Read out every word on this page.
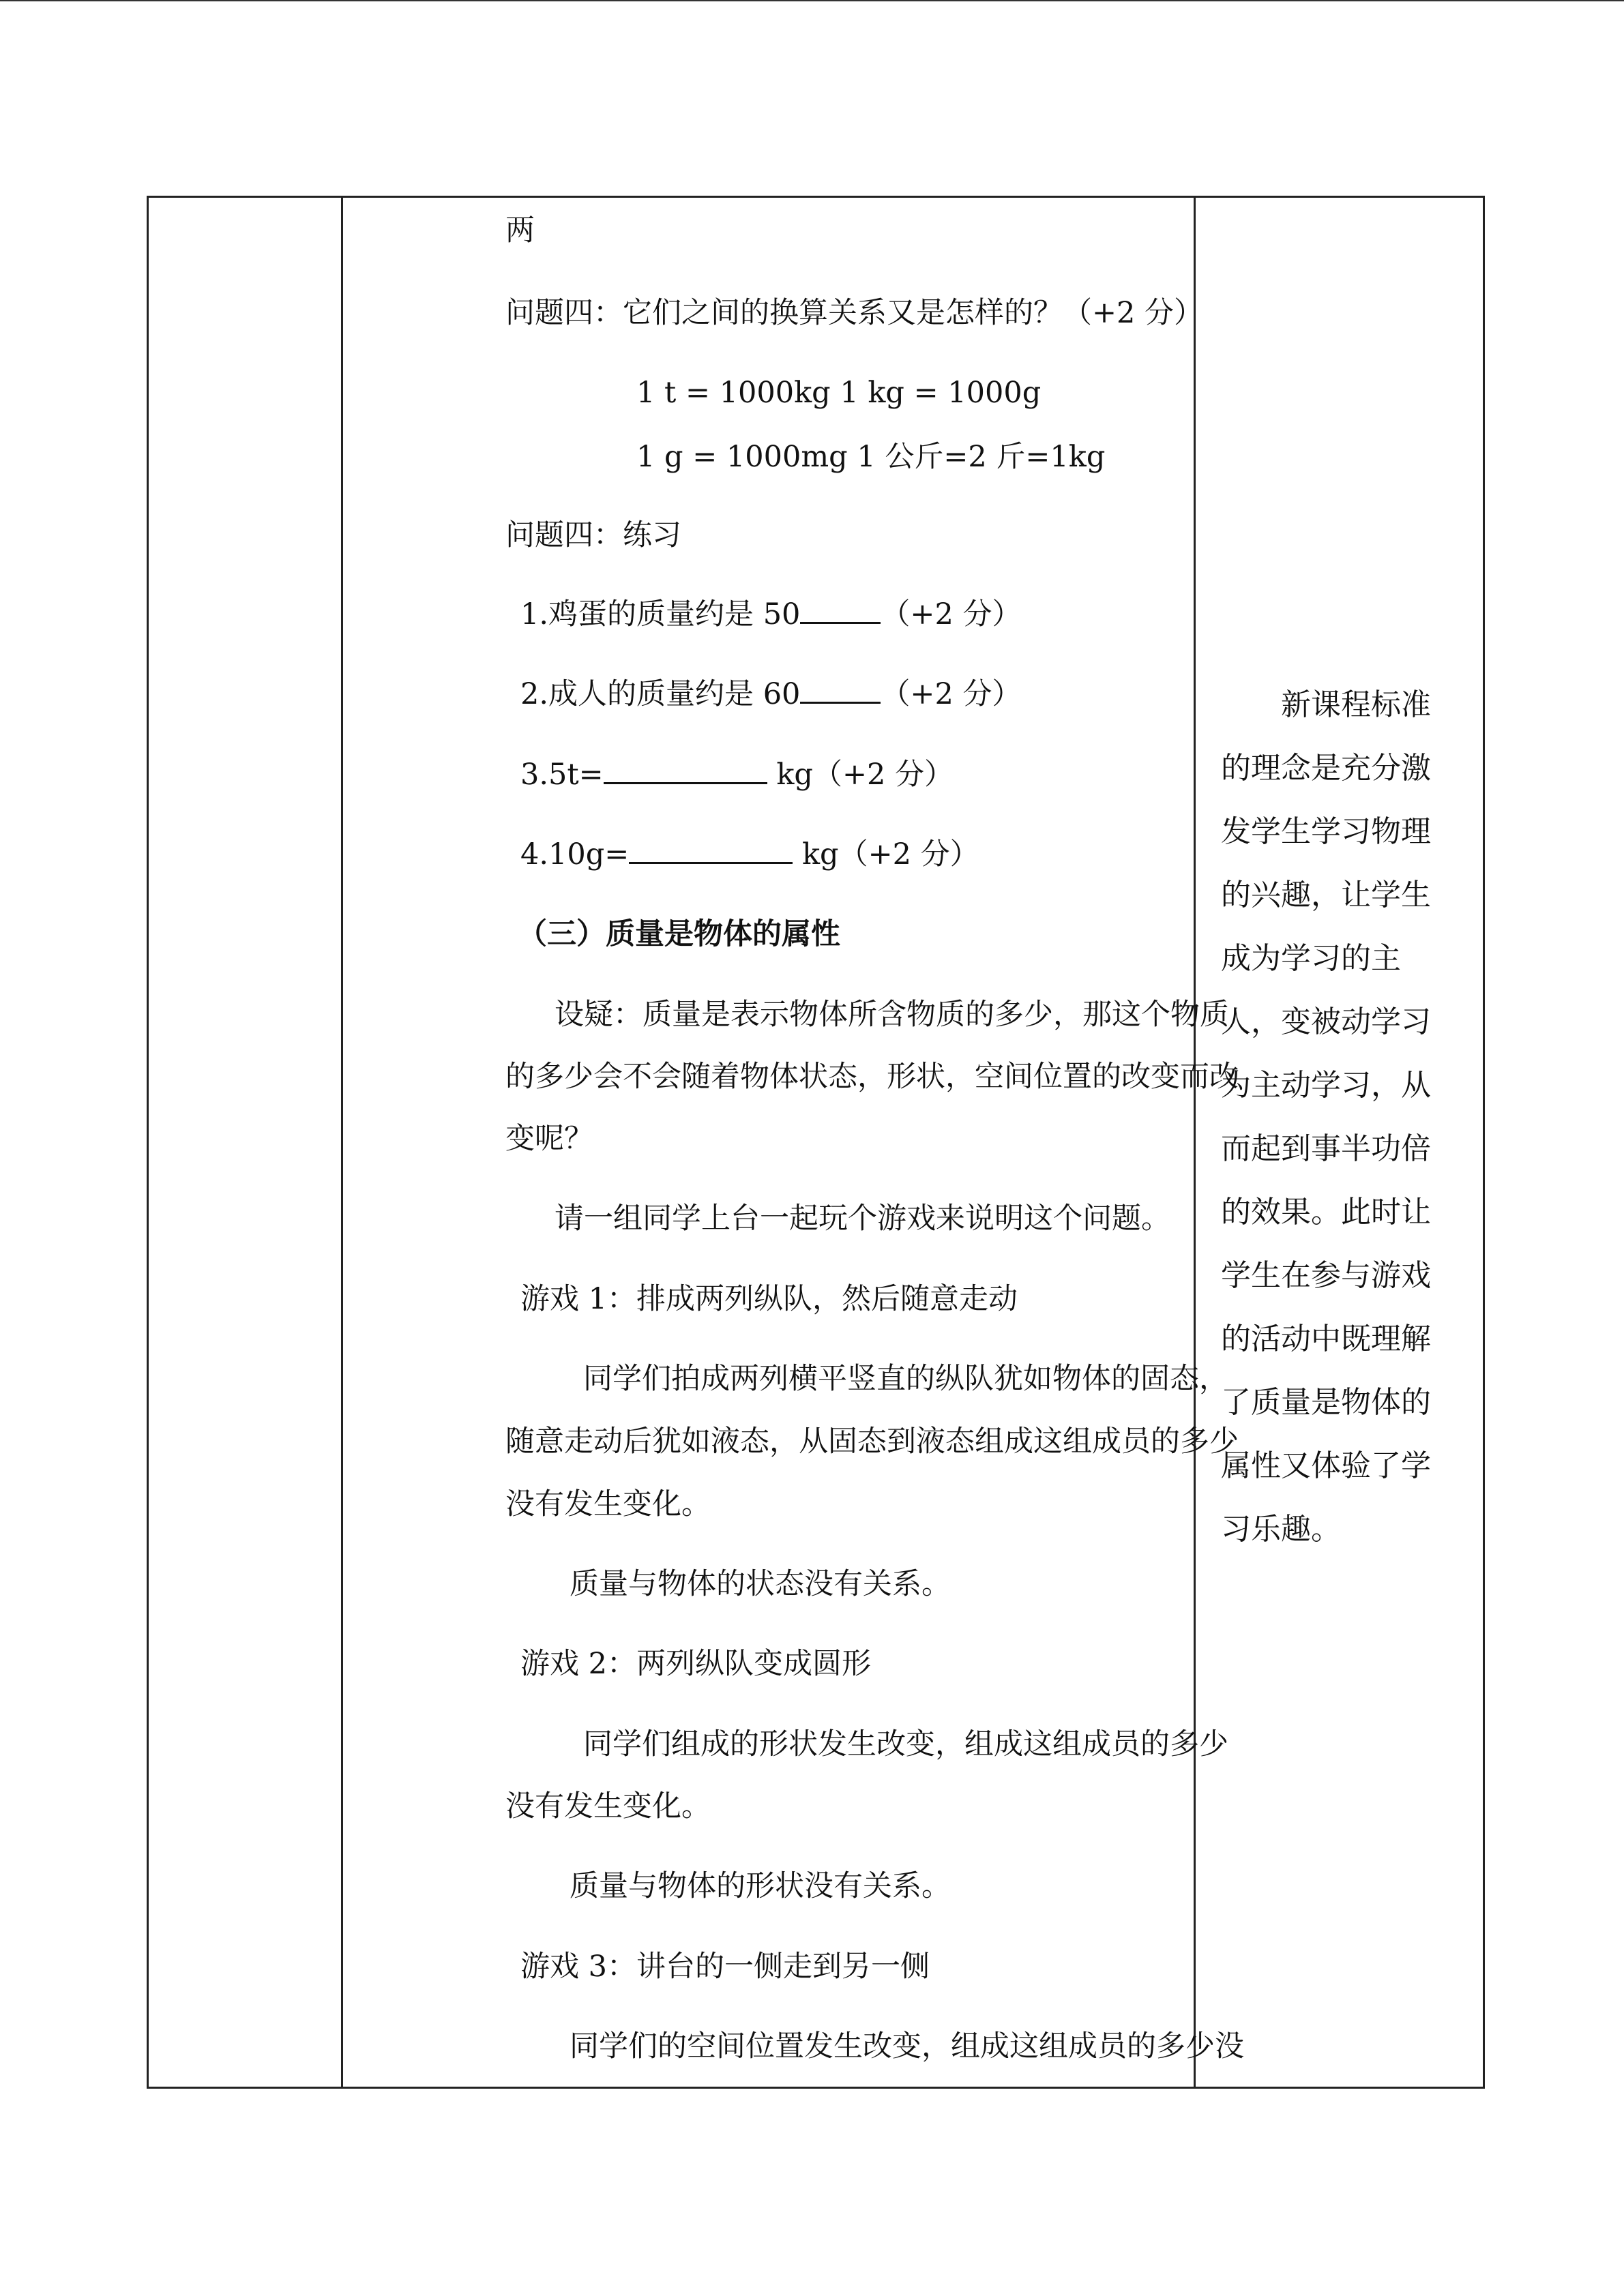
两
问题四：它们之间的换算关系又是怎样的？（+2 分）
1 t = 1000kg 1 kg = 1000g
1 g = 1000mg 1 公斤=2 斤=1kg
问题四：练习
1.鸡蛋的质量约是 50	（+2 分）
2.成人的质量约是 60	（+2 分）
3.5t=	kg（+2 分）
4.10g=	kg（+2 分）
（三）质量是物体的属性
设疑：质量是表示物体所含物质的多少，那这个物质
的多少会不会随着物体状态，形状，空间位置的改变而改
变呢？
请一组同学上台一起玩个游戏来说明这个问题。
游戏 1：排成两列纵队，然后随意走动
同学们拍成两列横平竖直的纵队犹如物体的固态，
随意走动后犹如液态，从固态到液态组成这组成员的多少
没有发生变化。
质量与物体的状态没有关系。
游戏 2：两列纵队变成圆形
同学们组成的形状发生改变，组成这组成员的多少
没有发生变化。
质量与物体的形状没有关系。
游戏 3：讲台的一侧走到另一侧
同学们的空间位置发生改变，组成这组成员的多少没
新课程标准
的理念是充分激
发学生学习物理
的兴趣，让学生
成为学习的主
人，变被动学习
为主动学习，从
而起到事半功倍
的效果。此时让
学生在参与游戏
的活动中既理解
了质量是物体的
属性又体验了学
习乐趣。
